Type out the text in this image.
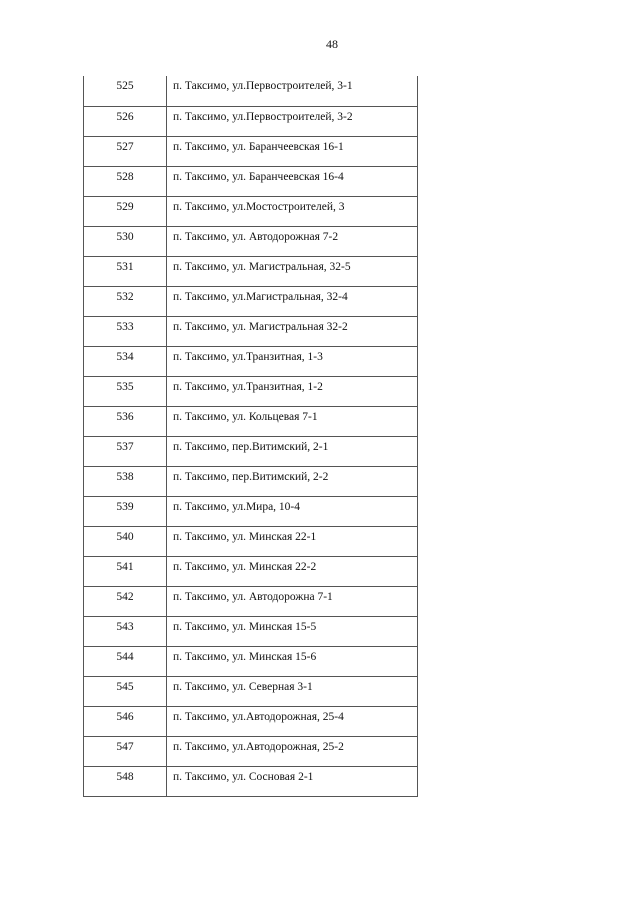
48
525	п. Таксимо, ул.Первостроителей, 3-1
526	п. Таксимо, ул.Первостроителей, 3-2
527	п. Таксимо, ул. Баранчеевская 16-1
528	п. Таксимо, ул. Баранчеевская 16-4
529	п. Таксимо, ул.Мостостроителей, 3
530	п. Таксимо, ул. Автодорожная 7-2
531	п. Таксимо, ул. Магистральная, 32-5
532	п. Таксимо, ул.Магистральная, 32-4
533	п. Таксимо, ул. Магистральная 32-2
534	п. Таксимо, ул.Транзитная, 1-3
535	п. Таксимо, ул.Транзитная, 1-2
536	п. Таксимо, ул. Кольцевая 7-1
537	п. Таксимо, пер.Витимский, 2-1
538	п. Таксимо, пер.Витимский, 2-2
539	п. Таксимо, ул.Мира, 10-4
540	п. Таксимо, ул. Минская 22-1
541	п. Таксимо, ул. Минская 22-2
542	п. Таксимо, ул. Автодорожна 7-1
543	п. Таксимо, ул. Минская 15-5
544	п. Таксимо, ул. Минская 15-6
545	п. Таксимо, ул. Северная 3-1
546	п. Таксимо, ул.Автодорожная, 25-4
547	п. Таксимо, ул.Автодорожная, 25-2
548	п. Таксимо, ул. Сосновая 2-1
